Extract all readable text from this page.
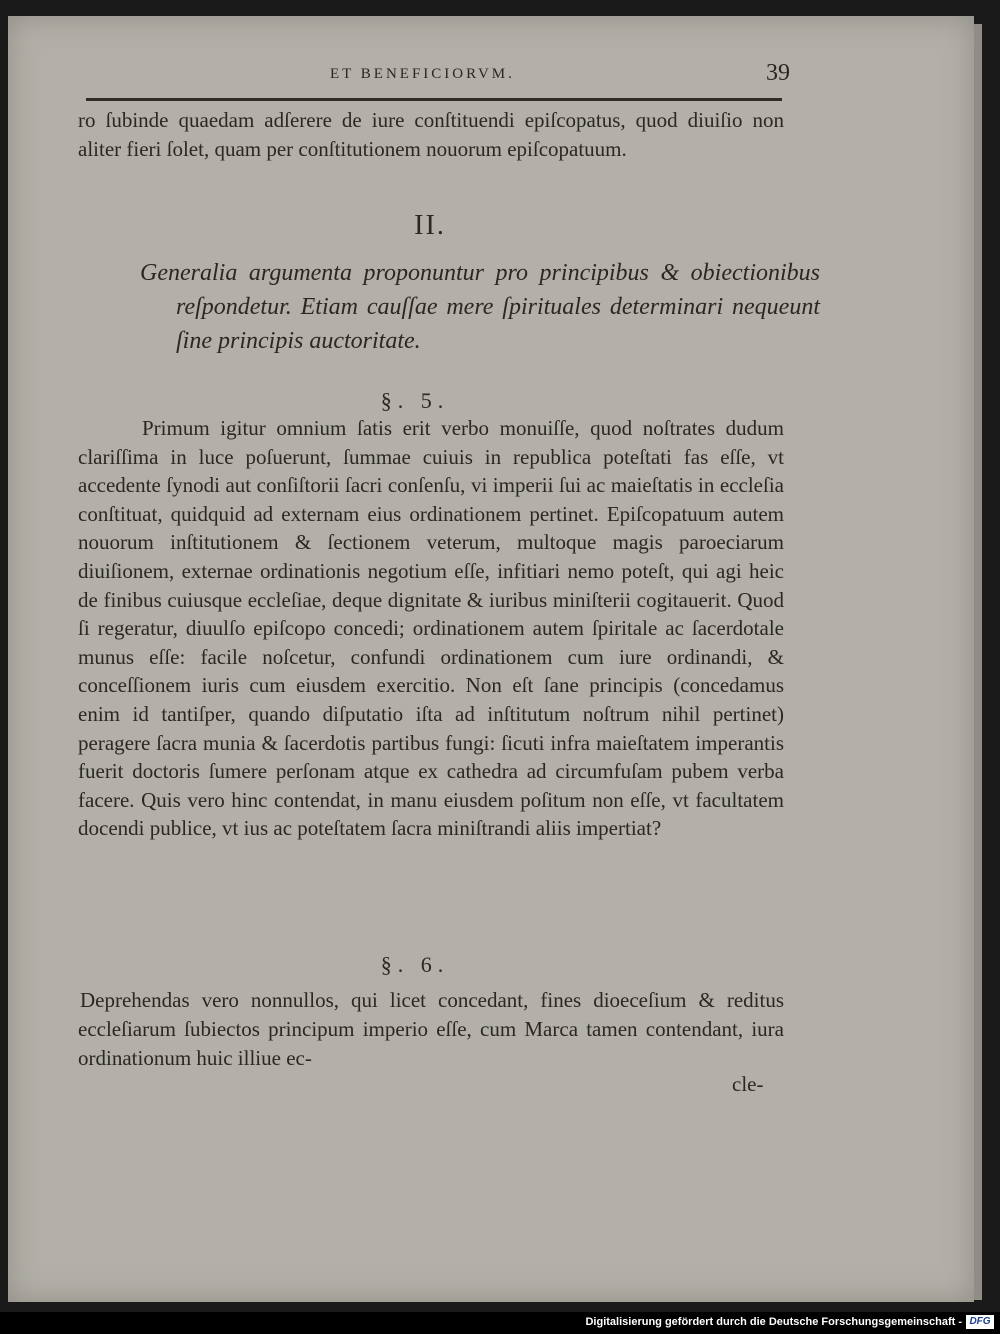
ET BENEFICIORVM.	39
ro ſubinde quaedam adſerere de iure conſtituendi epiſcopatus, quod diuiſio non aliter fieri ſolet, quam per conſtitutionem nouorum epiſcopatuum.
II.
Generalia argumenta proponuntur pro principibus & obiectionibus reſpondetur. Etiam cauſſae mere ſpirituales determinari nequeunt ſine principis auctoritate.
§. 5.
Primum igitur omnium ſatis erit verbo monuiſſe, quod noſtrates dudum clariſſima in luce poſuerunt, ſummae cuiuis in republica poteſtati fas eſſe, vt accedente ſynodi aut conſiſtorii ſacri conſenſu, vi imperii ſui ac maieſtatis in eccleſia conſtituat, quidquid ad externam eius ordinationem pertinet. Epiſcopatuum autem nouorum inſtitutionem & ſectionem veterum, multoque magis paroeciarum diuiſionem, externae ordinationis negotium eſſe, infitiari nemo poteſt, qui agi heic de finibus cuiusque eccleſiae, deque dignitate & iuribus miniſterii cogitauerit. Quod ſi regeratur, diuulſo epiſcopo concedi; ordinationem autem ſpiritale ac ſacerdotale munus eſſe: facile noſcetur, confundi ordinationem cum iure ordinandi, & conceſſionem iuris cum eiusdem exercitio. Non eſt ſane principis (concedamus enim id tantiſper, quando diſputatio iſta ad inſtitutum noſtrum nihil pertinet) peragere ſacra munia & ſacerdotis partibus fungi: ſicuti infra maieſtatem imperantis fuerit doctoris ſumere perſonam atque ex cathedra ad circumfuſam pubem verba facere. Quis vero hinc contendat, in manu eiusdem poſitum non eſſe, vt facultatem docendi publice, vt ius ac poteſtatem ſacra miniſtrandi aliis impertiat?
§. 6.
Deprehendas vero nonnullos, qui licet concedant, fines dioeceſium & reditus eccleſiarum ſubiectos principum imperio eſſe, cum Marca tamen contendant, iura ordinationum huic illiue ec-
cle-
Digitalisierung gefördert durch die Deutsche Forschungsgemeinschaft - DFG
